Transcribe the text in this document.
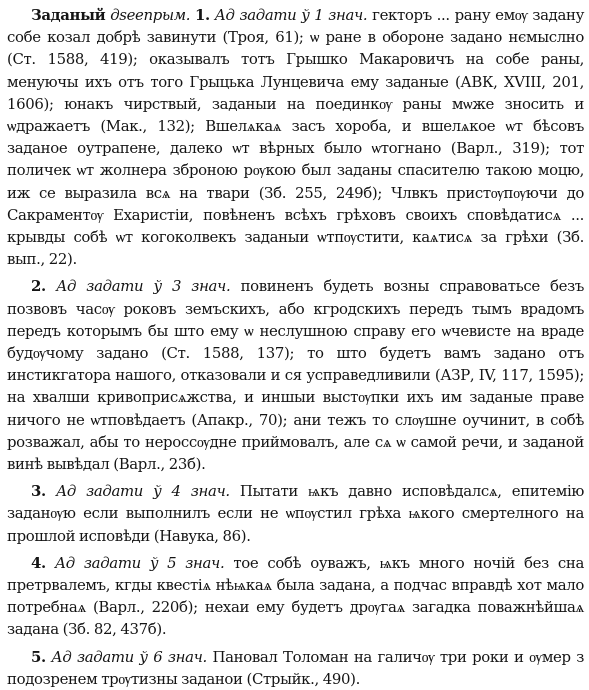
Заданый дѕеепрым. 1. Ад задати ў 1 знач. гекторъ ... рану емѹ задану собе козал добрѣ завинути (Троя, 61); ѡ ране в обороне задано нємыслно (Ст. 1588, 419); оказывалъ тотъ Грышко Макаровичъ на собе раны, менуючы ихъ отъ того Грыцька Лунцевича ему заданые (АВК, XVIII, 201, 1606); юнакъ чирствый, заданыи на поединкѹ раны мѡже зносить и ѡдражаетъ (Мак., 132); Вшелѧкаѧ засъ хороба, и вшелѧкое ѡт бѣсовъ заданое оутрапене, далеко ѡт вѣрных было ѡтогнано (Варл., 319); тот поличек ѡт жолнера зброною рѹкою был заданы спасителю такою моцю, иж се выразила всѧ на твари (Зб. 255, 249б); Члвкъ пристѹпѹючи до Сакраментѹ Ехаристіи, повѣненъ всѣхъ грѣховъ своихъ сповѣдатисѧ ... крывды собѣ ѡт когоколвекъ заданыи ѡтпѹстити, каѧтисѧ за грѣхи (Зб. вып., 22).

2. Ад задати ў 3 знач. повиненъ будеть возны справоватьсе безъ позвовъ часѹ роковъ земъскихъ, або кгродскихъ передъ тымъ врадомъ передъ которымъ бы што ему ѡ неслушною справу его ѡчевисте на враде будѹчому задано (Ст. 1588, 137); то што будетъ вамъ задано отъ инстикгатора нашого, отказовали и ся усправедливили (АЗР, IV, 117, 1595); на хвалши кривоприсѧжства, и иншыи выстѹпки ихъ им заданые праве ничого не ѡтповѣдаетъ (Апакр., 70); ани тежъ то слѹшне оучинит, в собѣ розважал, абы то нероссѹдне приймовалъ, але сѧ ѡ самой речи, и заданой винѣ вывѣдал (Варл., 23б).

3. Ад задати ў 4 знач. Пытати ѩкъ давно исповѣдалсѧ, епитемію заданѹю если выполнилъ если не ѡпѹстил грѣха ѩкого смертелного на прошлой исповѣди (Навука, 86).

4. Ад задати ў 5 знач. тое собѣ оуважъ, ѩкъ много ночій без сна претрвалемъ, кгды квестіѧ нѣѩкаѧ была задана, а подчас вправдѣ хот мало потребнаѧ (Варл., 220б); нехаи ему будетъ дрѹгаѧ загадка поважнѣйшаѧ задана (Зб. 82, 437б).

5. Ад задати ў 6 знач. Пановал Толоман на галичѹ три роки и ѹмер з подозренем трѹтизны заданои (Стрыйк., 490).
